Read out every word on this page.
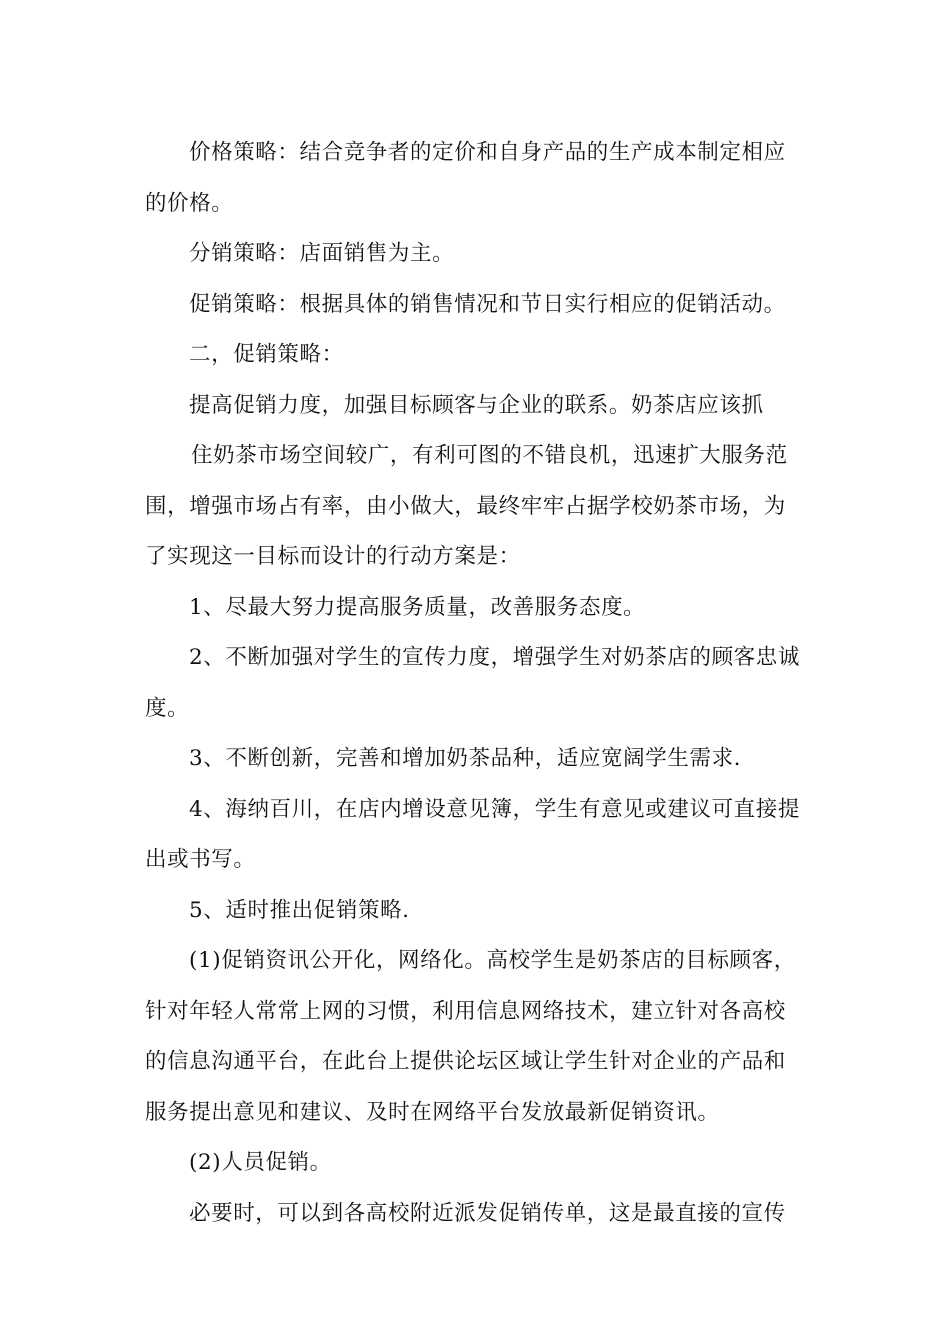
价格策略：结合竞争者的定价和自身产品的生产成本制定相应
的价格。
分销策略：店面销售为主。
促销策略：根据具体的销售情况和节日实行相应的促销活动。
二，促销策略：
提高促销力度，加强目标顾客与企业的联系。奶茶店应该抓
住奶茶市场空间较广，有利可图的不错良机，迅速扩大服务范
围，增强市场占有率，由小做大，最终牢牢占据学校奶茶市场，为
了实现这一目标而设计的行动方案是：
1、尽最大努力提高服务质量，改善服务态度。
2、不断加强对学生的宣传力度，增强学生对奶茶店的顾客忠诚
度。
3、不断创新，完善和增加奶茶品种，适应宽阔学生需求.
4、海纳百川，在店内增设意见簿，学生有意见或建议可直接提
出或书写。
5、适时推出促销策略.
(1)促销资讯公开化，网络化。高校学生是奶茶店的目标顾客，
针对年轻人常常上网的习惯，利用信息网络技术，建立针对各高校
的信息沟通平台，在此台上提供论坛区域让学生针对企业的产品和
服务提出意见和建议、及时在网络平台发放最新促销资讯。
(2)人员促销。
必要时，可以到各高校附近派发促销传单，这是最直接的宣传
